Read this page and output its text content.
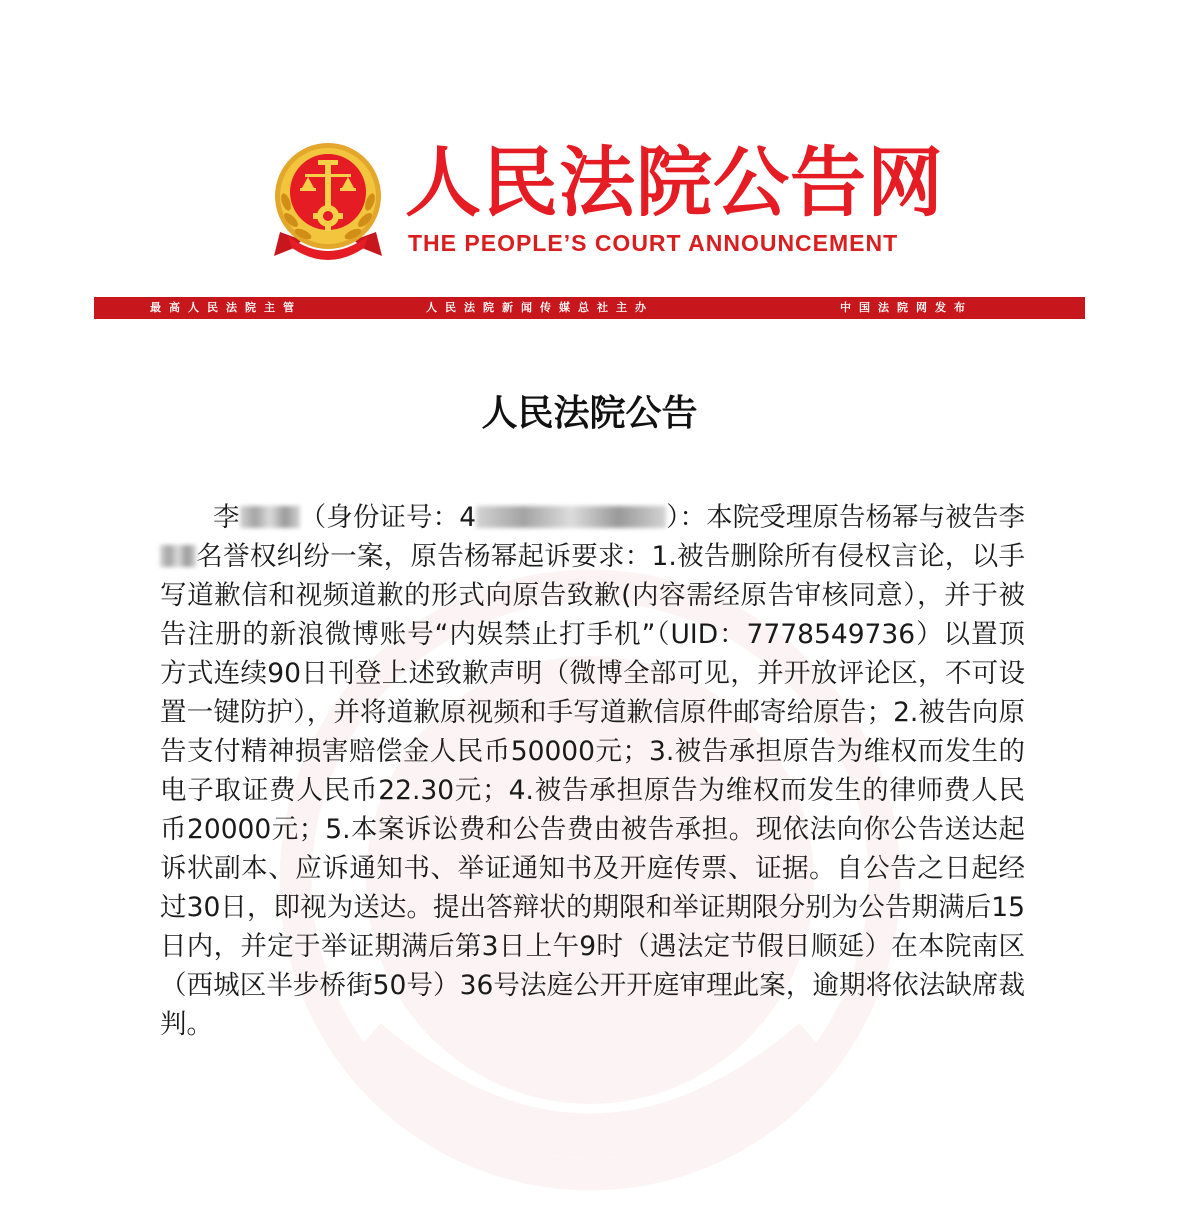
人民法院公告网
THE PEOPLE’S COURT ANNOUNCEMENT
最高人民法院主管	人民法院新闻传媒总社主办	中国法院网发布
人民法院公告
李 （身份证号：4	）：本院受理原告杨幂与被告李名誉权纠纷一案，原告杨幂起诉要求：1.被告删除所有侵权言论，以手写道歉信和视频道歉的形式向原告致歉(内容需经原告审核同意），并于被告注册的新浪微博账号“内娱禁止打手机”（UID：7778549736）以置顶方式连续90日刊登上述致歉声明（微博全部可见，并开放评论区，不可设置一键防护），并将道歉原视频和手写道歉信原件邮寄给原告；2.被告向原告支付精神损害赔偿金人民币50000元；3.被告承担原告为维权而发生的电子取证费人民币22.30元；4.被告承担原告为维权而发生的律师费人民币20000元；5.本案诉讼费和公告费由被告承担。现依法向你公告送达起诉状副本、应诉通知书、举证通知书及开庭传票、证据。自公告之日起经过30日，即视为送达。提出答辩状的期限和举证期限分别为公告期满后15日内，并定于举证期满后第3日上午9时（遇法定节假日顺延）在本院南区（西城区半步桥街50号）36号法庭公开开庭审理此案，逾期将依法缺席裁判。
